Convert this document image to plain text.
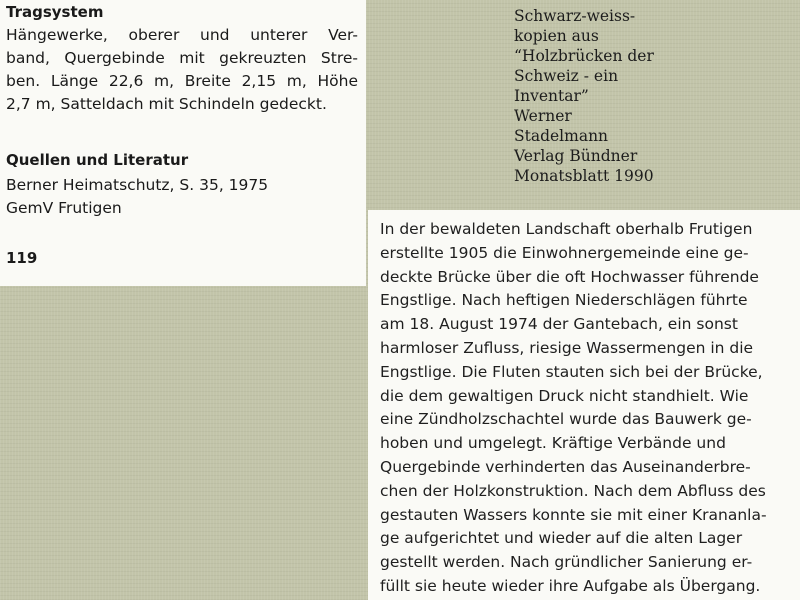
Tragsystem
Hängewerke, oberer und unterer Ver-
band, Quergebinde mit gekreuzten Stre-
ben. Länge 22,6 m, Breite 2,15 m, Höhe
2,7 m, Satteldach mit Schindeln gedeckt.
Quellen und Literatur
Berner Heimatschutz, S. 35, 1975
GemV Frutigen
119
Schwarz-weiss-
kopien aus
“Holzbrücken der
Schweiz - ein
Inventar”
Werner
Stadelmann
Verlag Bündner
Monatsblatt 1990
In der bewaldeten Landschaft oberhalb Frutigen
erstellte 1905 die Einwohnergemeinde eine ge-
deckte Brücke über die oft Hochwasser führende
Engstlige. Nach heftigen Niederschlägen führte
am 18. August 1974 der Gantebach, ein sonst
harmloser Zufluss, riesige Wassermengen in die
Engstlige. Die Fluten stauten sich bei der Brücke,
die dem gewaltigen Druck nicht standhielt. Wie
eine Zündholzschachtel wurde das Bauwerk ge-
hoben und umgelegt. Kräftige Verbände und
Quergebinde verhinderten das Auseinanderbre-
chen der Holzkonstruktion. Nach dem Abfluss des
gestauten Wassers konnte sie mit einer Krananla-
ge aufgerichtet und wieder auf die alten Lager
gestellt werden. Nach gründlicher Sanierung er-
füllt sie heute wieder ihre Aufgabe als Übergang.
